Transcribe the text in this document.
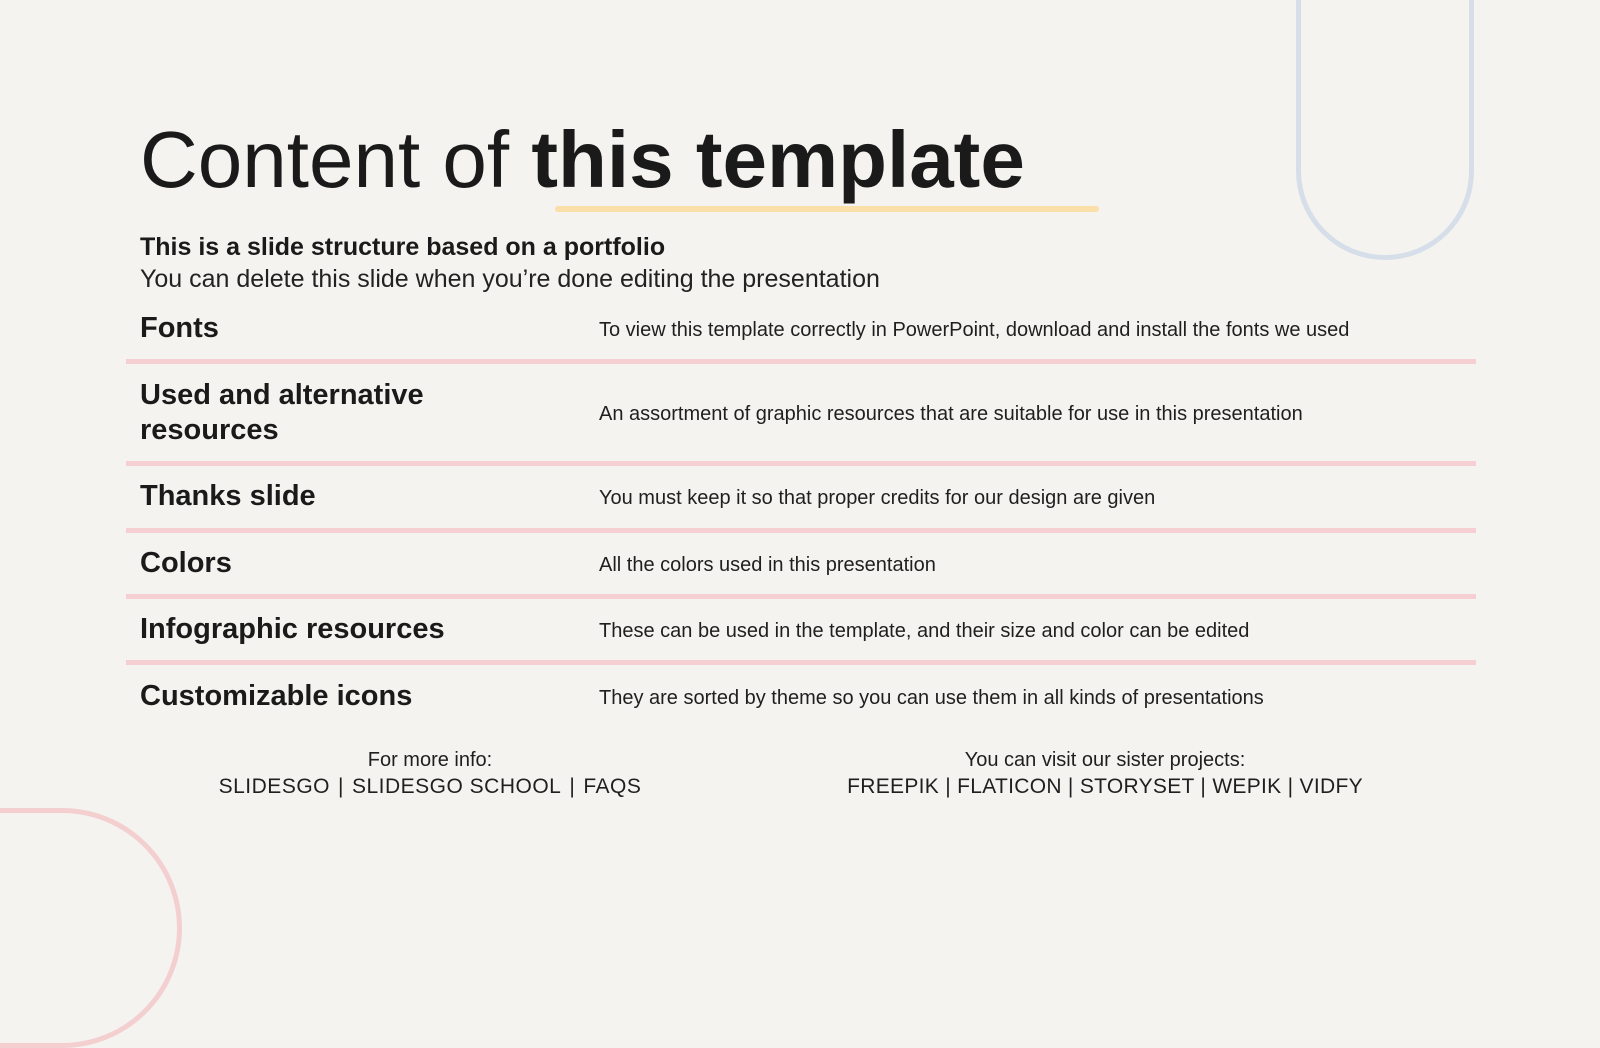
Content of this template
This is a slide structure based on a portfolio
You can delete this slide when you’re done editing the presentation
Fonts	To view this template correctly in PowerPoint, download and install the fonts we used
Used and alternative
resources	An assortment of graphic resources that are suitable for use in this presentation
Thanks slide	You must keep it so that proper credits for our design are given
Colors	All the colors used in this presentation
Infographic resources	These can be used in the template, and their size and color can be edited
Customizable icons	They are sorted by theme so you can use them in all kinds of presentations
For more info:
SLIDESGO | SLIDESGO SCHOOL | FAQS
You can visit our sister projects:
FREEPIK | FLATICON | STORYSET | WEPIK | VIDFY
